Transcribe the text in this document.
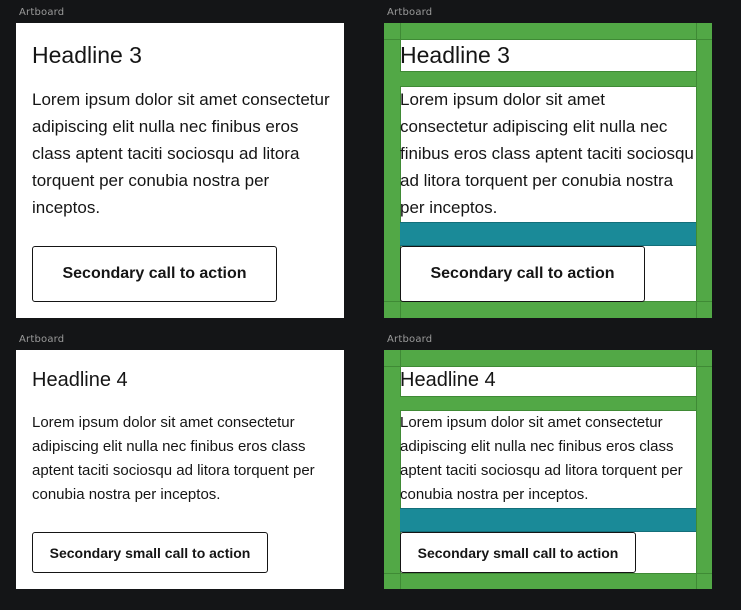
Artboard
Headline 3

Lorem ipsum dolor sit amet consectetur adipiscing elit nulla nec finibus eros class aptent taciti sociosqu ad litora torquent per conubia nostra per inceptos.

Secondary call to action
Artboard
Headline 3

Lorem ipsum dolor sit amet consectetur adipiscing elit nulla nec finibus eros class aptent taciti sociosqu ad litora torquent per conubia nostra per inceptos.

Secondary call to action
Artboard
Headline 4

Lorem ipsum dolor sit amet consectetur adipiscing elit nulla nec finibus eros class aptent taciti sociosqu ad litora torquent per conubia nostra per inceptos.

Secondary small call to action
Artboard
Headline 4

Lorem ipsum dolor sit amet consectetur adipiscing elit nulla nec finibus eros class aptent taciti sociosqu ad litora torquent per conubia nostra per inceptos.

Secondary small call to action
